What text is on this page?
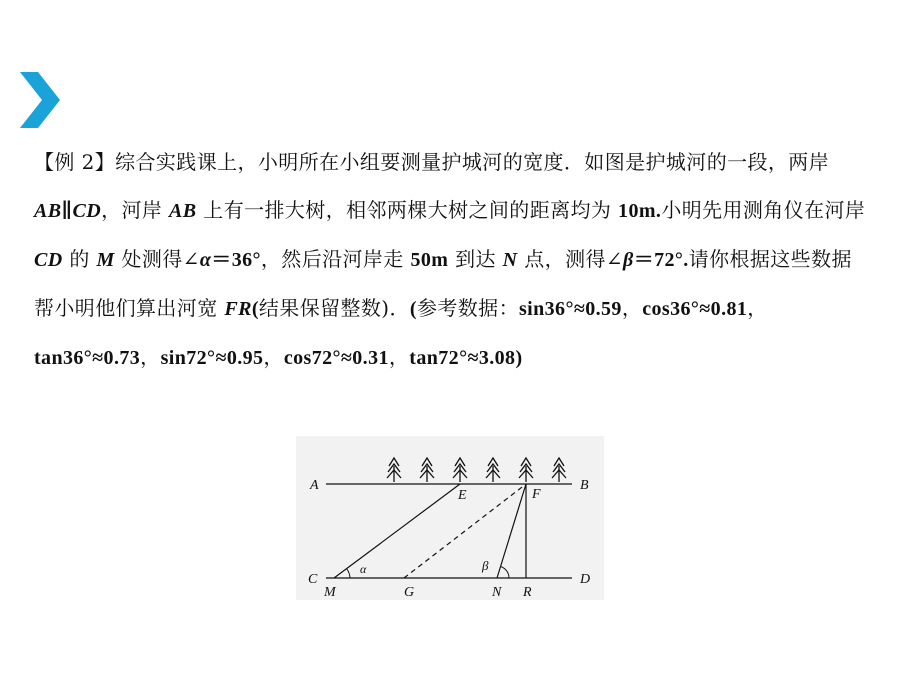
【例 2】综合实践课上，小明所在小组要测量护城河的宽度．如图是护城河的一段，两岸 AB∥CD，河岸 AB 上有一排大树，相邻两棵大树之间的距离均为 10m.小明先用测角仪在河岸 CD 的 M 处测得∠α＝36°，然后沿河岸走 50m 到达 N 点，测得∠β＝72°.请你根据这些数据帮小明他们算出河宽 FR(结果保留整数)．(参考数据：sin36°≈0.59，cos36°≈0.81，tan36°≈0.73，sin72°≈0.95，cos72°≈0.31，tan72°≈3.08)
A	B
E	F
C	D
M	G	N R
α	β
